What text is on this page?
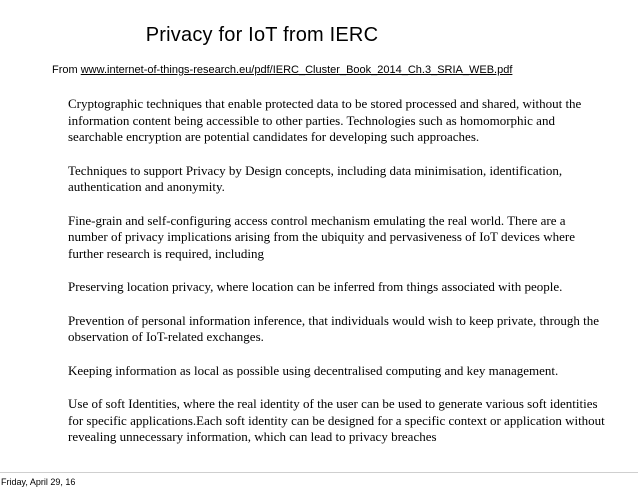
Privacy for IoT from IERC
From www.internet-of-things-research.eu/pdf/IERC_Cluster_Book_2014_Ch.3_SRIA_WEB.pdf

Cryptographic techniques that enable protected data to be stored processed and shared, without the information content being accessible to other parties. Technologies such as homomorphic and searchable encryption are potential candidates for developing such approaches.

Techniques to support Privacy by Design concepts, including data minimisation, identification, authentication and anonymity.

Fine-grain and self-configuring access control mechanism emulating the real world. There are a number of privacy implications arising from the ubiquity and pervasiveness of IoT devices where further research is required, including

Preserving location privacy, where location can be inferred from things associated with people.

Prevention of personal information inference, that individuals would wish to keep private, through the observation of IoT-related exchanges.

Keeping information as local as possible using decentralised computing and key management.

Use of soft Identities, where the real identity of the user can be used to generate various soft identities for specific applications.Each soft identity can be designed for a specific context or application without revealing unnecessary information, which can lead to privacy breaches

Friday, April 29, 16
